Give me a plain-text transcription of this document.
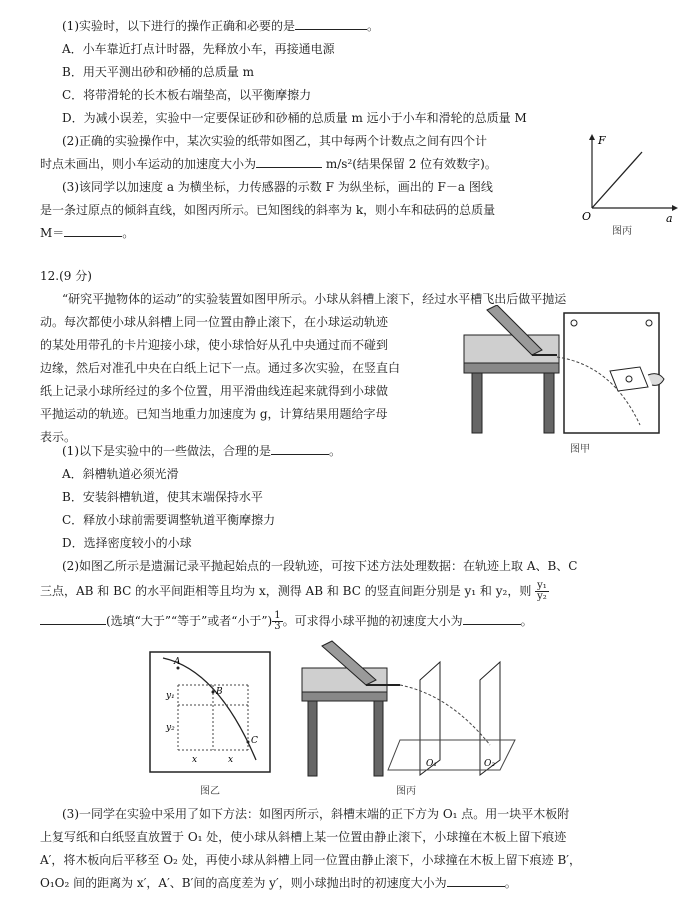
(1)实验时，以下进行的操作正确和必要的是	。
A．小车靠近打点计时器，先释放小车，再接通电源
B．用天平测出砂和砂桶的总质量 m
C．将带滑轮的长木板右端垫高，以平衡摩擦力
D．为减小误差，实验中一定要保证砂和砂桶的总质量 m 远小于小车和滑轮的总质量 M
(2)正确的实验操作中，某次实验的纸带如图乙，其中每两个计数点之间有四个计
时点未画出，则小车运动的加速度大小为	m/s²(结果保留 2 位有效数字)。
(3)该同学以加速度 a 为横坐标，力传感器的示数 F 为纵坐标，画出的 F－a 图线
是一条过原点的倾斜直线，如图丙所示。已知图线的斜率为 k，则小车和砝码的总质量
M＝	。
F
O	a
图丙
12.(9 分)
“研究平抛物体的运动”的实验装置如图甲所示。小球从斜槽上滚下，经过水平槽飞出后做平抛运
动。每次都使小球从斜槽上同一位置由静止滚下，在小球运动轨迹
的某处用带孔的卡片迎接小球，使小球恰好从孔中央通过而不碰到
边缘，然后对准孔中央在白纸上记下一点。通过多次实验，在竖直白
纸上记录小球所经过的多个位置，用平滑曲线连起来就得到小球做
平抛运动的轨迹。已知当地重力加速度为 g，计算结果用题给字母
表示。
图甲
(1)以下是实验中的一些做法，合理的是	。
A．斜槽轨道必须光滑
B．安装斜槽轨道，使其末端保持水平
C．释放小球前需要调整轨道平衡摩擦力
D．选择密度较小的小球
(2)如图乙所示是遗漏记录平抛起始点的一段轨迹，可按下述方法处理数据：在轨迹上取 A、B、C
三点，AB 和 BC 的水平间距相等且均为 x，测得 AB 和 BC 的竖直间距分别是 y₁ 和 y₂，则 $\frac{\text{y₁}}{\text{y₂}}$
(选填“大于”“等于”或者“小于”) $\frac{1}{3}$ 。可求得小球平抛的初速度大小为	。
A
B
C
y₁
y₂
x	x
图乙
O₁	O₂
图丙
(3)一同学在实验中采用了如下方法：如图丙所示，斜槽末端的正下方为 O₁ 点。用一块平木板附
上复写纸和白纸竖直放置于 O₁ 处，使小球从斜槽上某一位置由静止滚下，小球撞在木板上留下痕迹
A′，将木板向后平移至 O₂ 处，再使小球从斜槽上同一位置由静止滚下，小球撞在木板上留下痕迹 B′，
O₁O₂ 间的距离为 x′，A′、B′间的高度差为 y′，则小球抛出时的初速度大小为	。
